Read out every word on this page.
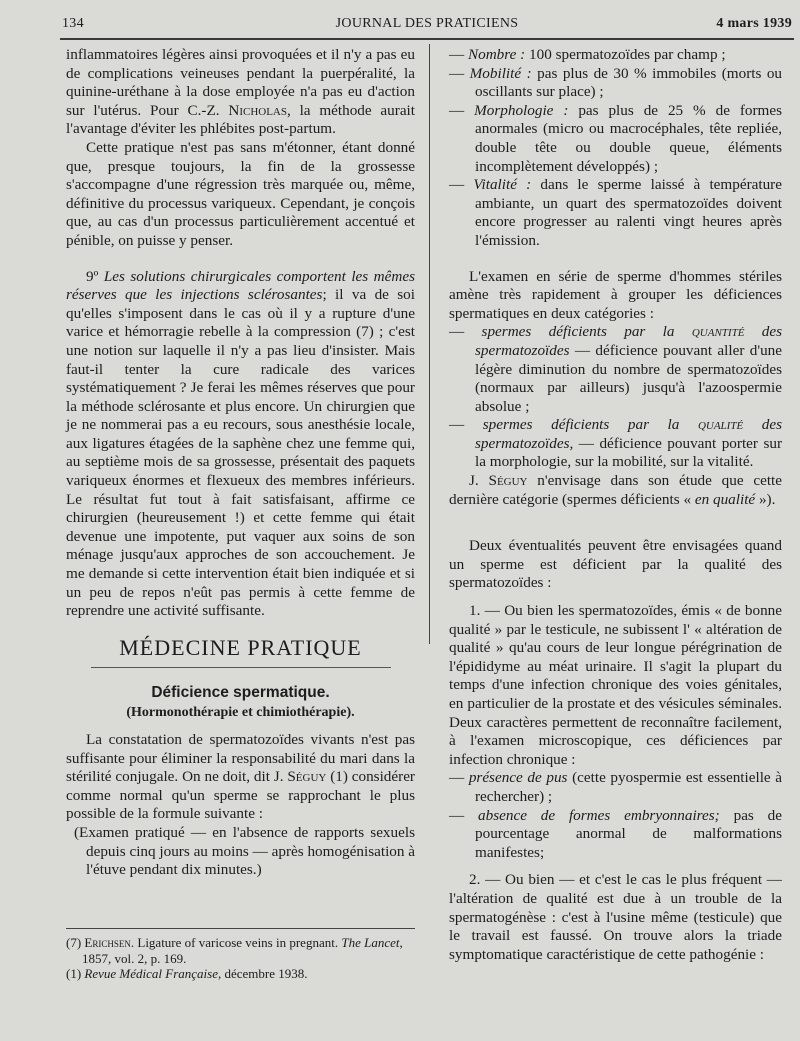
134	JOURNAL DES PRATICIENS	4 mars 1939

inflammatoires légères ainsi provoquées et il n'y a pas eu de complications veineuses pendant la puerpéralité, la quinine-uréthane à la dose employée n'a pas eu d'action sur l'utérus. Pour C.-Z. Nicholas, la méthode aurait l'avantage d'éviter les phlébites post-partum.

Cette pratique n'est pas sans m'étonner, étant donné que, presque toujours, la fin de la grossesse s'accompagne d'une régression très marquée ou, même, définitive du processus variqueux. Cependant, je conçois que, au cas d'un processus particulièrement accentué et pénible, on puisse y penser.

9º Les solutions chirurgicales comportent les mêmes réserves que les injections sclérosantes; il va de soi qu'elles s'imposent dans le cas où il y a rupture d'une varice et hémorragie rebelle à la compression (7) ; c'est une notion sur laquelle il n'y a pas lieu d'insister. Mais faut-il tenter la cure radicale des varices systématiquement ? Je ferai les mêmes réserves que pour la méthode sclérosante et plus encore. Un chirurgien que je ne nommerai pas a eu recours, sous anesthésie locale, aux ligatures étagées de la saphène chez une femme qui, au septième mois de sa grossesse, présentait des paquets variqueux énormes et flexueux des membres inférieurs. Le résultat fut tout à fait satisfaisant, affirme ce chirurgien (heureusement !) et cette femme qui était devenue une impotente, put vaquer aux soins de son ménage jusqu'aux approches de son accouchement. Je me demande si cette intervention était bien indiquée et si un peu de repos n'eût pas permis à cette femme de reprendre une activité suffisante.

MÉDECINE PRATIQUE
Déficience spermatique.
(Hormonothérapie et chimiothérapie).

La constatation de spermatozoïdes vivants n'est pas suffisante pour éliminer la responsabilité du mari dans la stérilité conjugale. On ne doit, dit J. Séguy (1) considérer comme normal qu'un sperme se rapprochant le plus possible de la formule suivante :

(Examen pratiqué — en l'absence de rapports sexuels depuis cinq jours au moins — après homogénisation à l'étuve pendant dix minutes.)

(7) Erichsen. Ligature of varicose veins in pregnant. The Lancet, 1857, vol. 2, p. 169.

(1) Revue Médical Française, décembre 1938.

— Nombre : 100 spermatozoïdes par champ ;

— Mobilité : pas plus de 30 % immobiles (morts ou oscillants sur place) ;

— Morphologie : pas plus de 25 % de formes anormales (micro ou macrocéphales, tête repliée, double tête ou double queue, éléments incomplètement développés) ;

— Vitalité : dans le sperme laissé à température ambiante, un quart des spermatozoïdes doivent encore progresser au ralenti vingt heures après l'émission.

L'examen en série de sperme d'hommes stériles amène très rapidement à grouper les déficiences spermatiques en deux catégories :

— spermes déficients par la quantité des spermatozoïdes — déficience pouvant aller d'une légère diminution du nombre de spermatozoïdes (normaux par ailleurs) jusqu'à l'azoospermie absolue ;

— spermes déficients par la qualité des spermatozoïdes, — déficience pouvant porter sur la morphologie, sur la mobilité, sur la vitalité.

J. Séguy n'envisage dans son étude que cette dernière catégorie (spermes déficients « en qualité »).

Deux éventualités peuvent être envisagées quand un sperme est déficient par la qualité des spermatozoïdes :

1. — Ou bien les spermatozoïdes, émis « de bonne qualité » par le testicule, ne subissent l' « altération de qualité » qu'au cours de leur longue pérégrination de l'épididyme au méat urinaire. Il s'agit la plupart du temps d'une infection chronique des voies génitales, en particulier de la prostate et des vésicules séminales. Deux caractères permettent de reconnaître facilement, à l'examen microscopique, ces déficiences par infection chronique :

— présence de pus (cette pyospermie est essentielle à rechercher) ;

— absence de formes embryonnaires; pas de pourcentage anormal de malformations manifestes;

2. — Ou bien — et c'est le cas le plus fréquent — l'altération de qualité est due à un trouble de la spermatogénèse : c'est à l'usine même (testicule) que le travail est faussé. On trouve alors la triade symptomatique caractéristique de cette pathogénie :
